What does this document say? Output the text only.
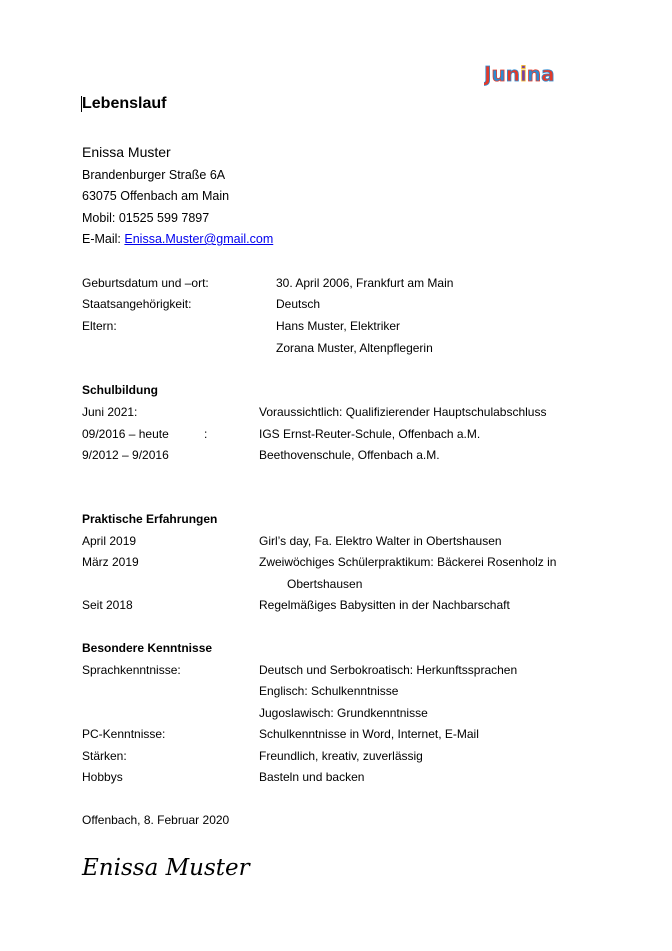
Junina
Lebenslauf
Enissa Muster
Brandenburger Straße 6A
63075 Offenbach am Main
Mobil: 01525 599 7897
E-Mail: Enissa.Muster@gmail.com
Geburtsdatum und –ort:	30. April 2006, Frankfurt am Main
Staatsangehörigkeit:	Deutsch
Eltern:	Hans Muster, Elektriker
Zorana Muster, Altenpflegerin
Schulbildung
Juni 2021:	Voraussichtlich: Qualifizierender Hauptschulabschluss
09/2016 – heute	:	IGS Ernst-Reuter-Schule, Offenbach a.M.
9/2012 – 9/2016	Beethovenschule, Offenbach a.M.
Praktische Erfahrungen
April 2019	Girl’s day, Fa. Elektro Walter in Obertshausen
März 2019	Zweiwöchiges Schülerpraktikum: Bäckerei Rosenholz in
Obertshausen
Seit 2018	Regelmäßiges Babysitten in der Nachbarschaft
Besondere Kenntnisse
Sprachkenntnisse:	Deutsch und Serbokroatisch: Herkunftssprachen
Englisch: Schulkenntnisse
Jugoslawisch: Grundkenntnisse
PC-Kenntnisse:	Schulkenntnisse in Word, Internet, E-Mail
Stärken:	Freundlich, kreativ, zuverlässig
Hobbys	Basteln und backen
Offenbach, 8. Februar 2020
Enissa Muster
